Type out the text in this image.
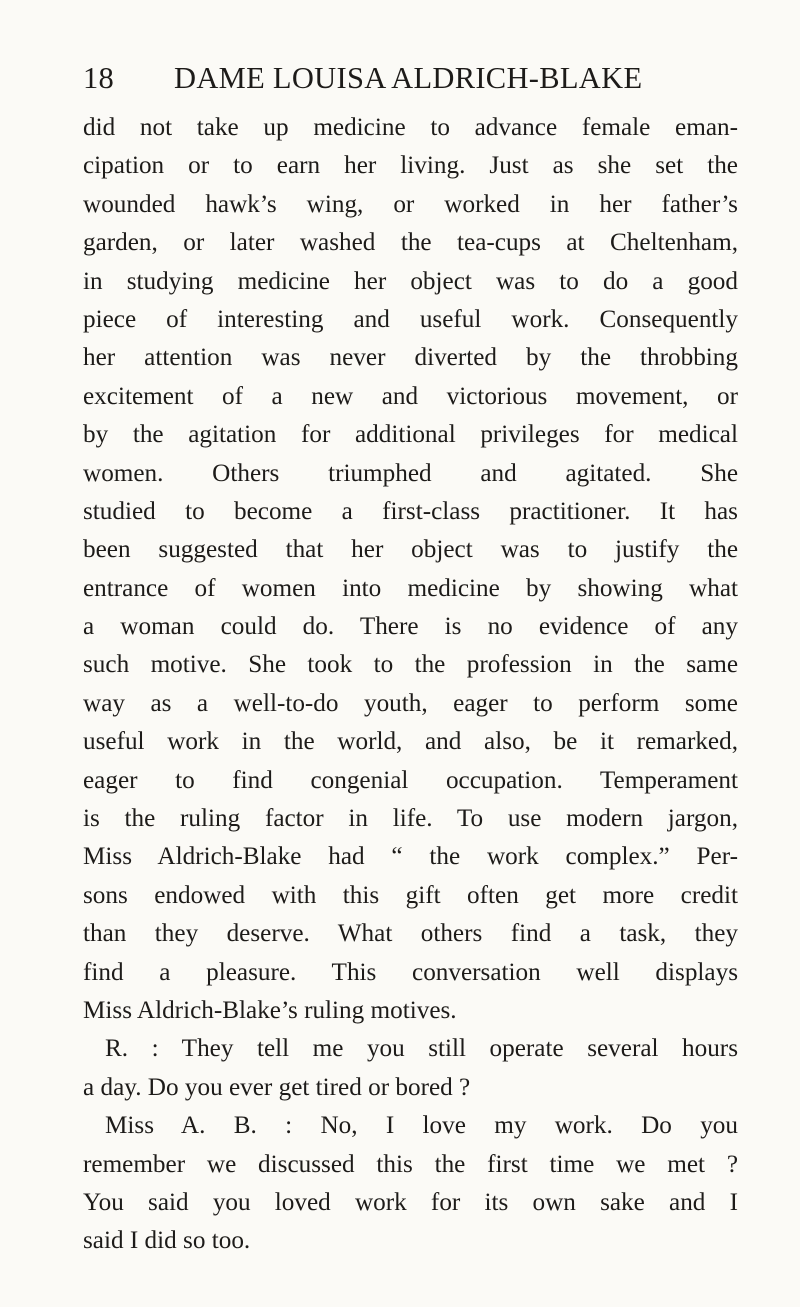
18 DAME LOUISA ALDRICH-BLAKE
did not take up medicine to advance female eman-
cipation or to earn her living. Just as she set the
wounded hawk’s wing, or worked in her father’s
garden, or later washed the tea-cups at Cheltenham,
in studying medicine her object was to do a good
piece of interesting and useful work. Consequently
her attention was never diverted by the throbbing
excitement of a new and victorious movement, or
by the agitation for additional privileges for medical
women. Others triumphed and agitated. She
studied to become a first-class practitioner. It has
been suggested that her object was to justify the
entrance of women into medicine by showing what
a woman could do. There is no evidence of any
such motive. She took to the profession in the same
way as a well-to-do youth, eager to perform some
useful work in the world, and also, be it remarked,
eager to find congenial occupation. Temperament
is the ruling factor in life. To use modern jargon,
Miss Aldrich-Blake had “ the work complex.” Per-
sons endowed with this gift often get more credit
than they deserve. What others find a task, they
find a pleasure. This conversation well displays
Miss Aldrich-Blake’s ruling motives.
R. : They tell me you still operate several hours
a day. Do you ever get tired or bored ?
Miss A. B. : No, I love my work. Do you
remember we discussed this the first time we met ?
You said you loved work for its own sake and I
said I did so too.
